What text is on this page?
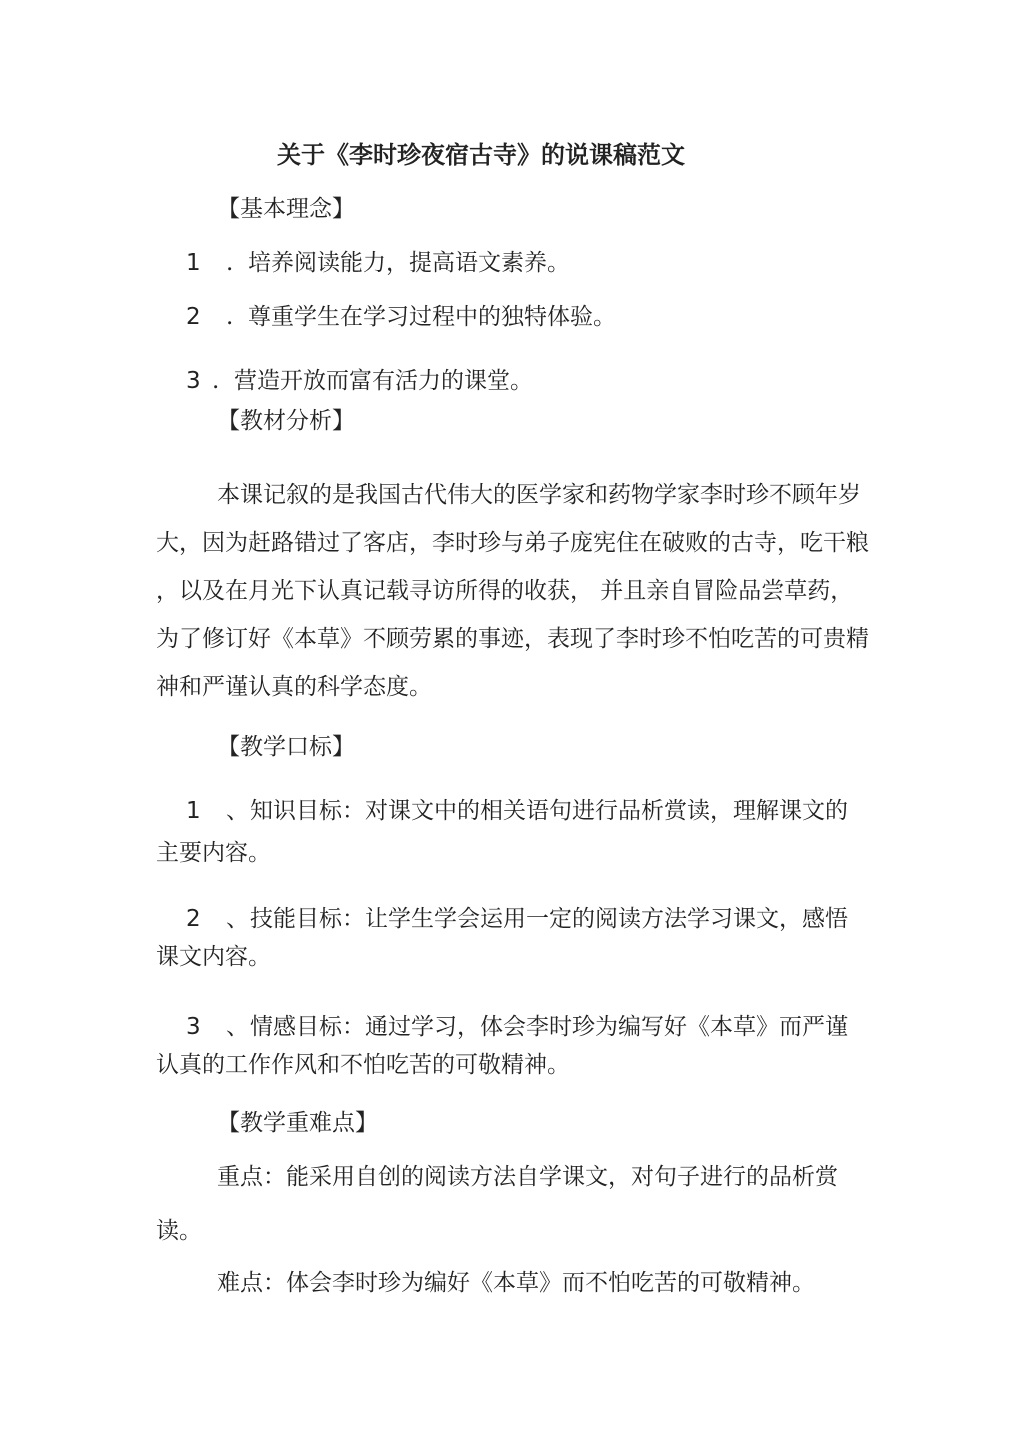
关于《李时珍夜宿古寺》的说课稿范文
【基本理念】
1 . 培养阅读能力，提高语文素养。
2 . 尊重学生在学习过程中的独特体验。
3 . 营造开放而富有活力的课堂。
【教材分析】
本课记叙的是我国古代伟大的医学家和药物学家李时珍不顾年岁
大，因为赶路错过了客店，李时珍与弟子庞宪住在破败的古寺，吃干粮
，以及在月光下认真记载寻访所得的收获， 并且亲自冒险品尝草药，
为了修订好《本草》不顾劳累的事迹，表现了李时珍不怕吃苦的可贵精
神和严谨认真的科学态度。
【教学口标】
1 、知识目标：对课文中的相关语句进行品析赏读，理解课文的
主要内容。
2 、技能目标：让学生学会运用一定的阅读方法学习课文，感悟
课文内容。
3 、情感目标：通过学习，体会李时珍为编写好《本草》而严谨
认真的工作作风和不怕吃苦的可敬精神。
【教学重难点】
重点：能采用自创的阅读方法自学课文，对句子进行的品析赏
读。
难点：体会李时珍为编好《本草》而不怕吃苦的可敬精神。
